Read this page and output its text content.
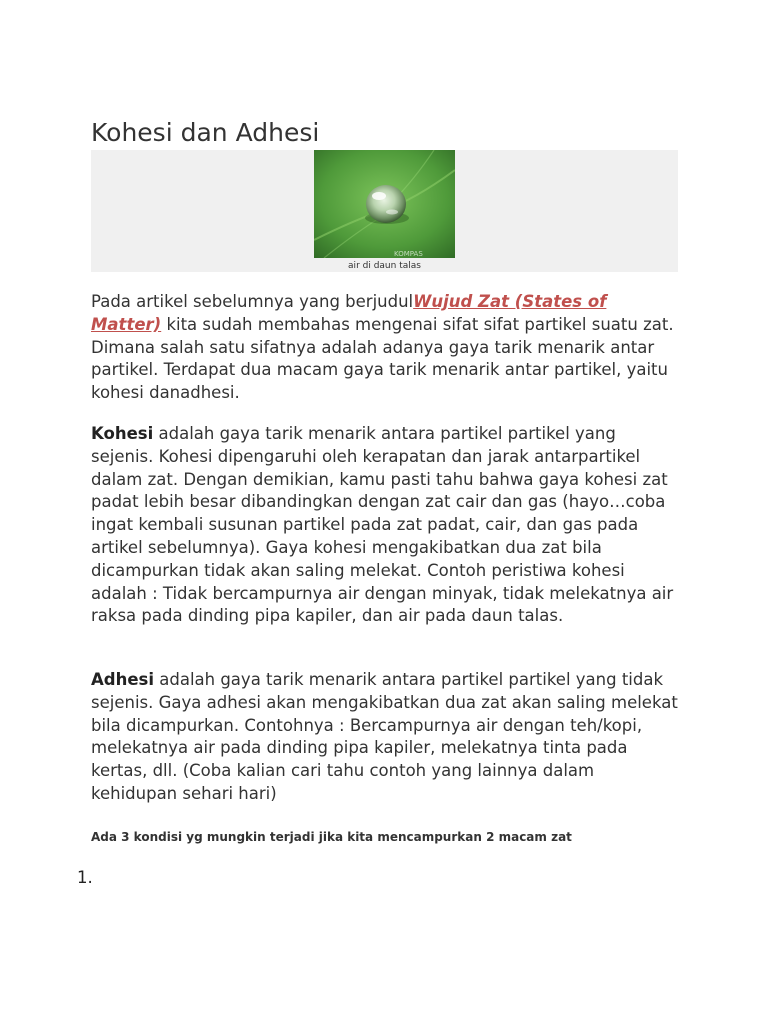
Kohesi dan Adhesi
KOMPAS
air di daun talas

Pada artikel sebelumnya yang berjudulWujud Zat (States of Matter) kita sudah membahas mengenai sifat sifat partikel suatu zat. Dimana salah satu sifatnya adalah adanya gaya tarik menarik antar partikel. Terdapat dua macam gaya tarik menarik antar partikel, yaitu kohesi danadhesi.

Kohesi adalah gaya tarik menarik antara partikel partikel yang sejenis. Kohesi dipengaruhi oleh kerapatan dan jarak antarpartikel dalam zat. Dengan demikian, kamu pasti tahu bahwa gaya kohesi zat padat lebih besar dibandingkan dengan zat cair dan gas (hayo…coba ingat kembali susunan partikel pada zat padat, cair, dan gas pada artikel sebelumnya). Gaya kohesi mengakibatkan dua zat bila dicampurkan tidak akan saling melekat. Contoh peristiwa kohesi adalah : Tidak bercampurnya air dengan minyak, tidak melekatnya air raksa pada dinding pipa kapiler, dan air pada daun talas.

Adhesi adalah gaya tarik menarik antara partikel partikel yang tidak sejenis. Gaya adhesi akan mengakibatkan dua zat akan saling melekat bila dicampurkan. Contohnya : Bercampurnya air dengan teh/kopi, melekatnya air pada dinding pipa kapiler, melekatnya tinta pada kertas, dll. (Coba kalian cari tahu contoh yang lainnya dalam kehidupan sehari hari)

Ada 3 kondisi yg mungkin terjadi jika kita mencampurkan 2 macam zat

1.
